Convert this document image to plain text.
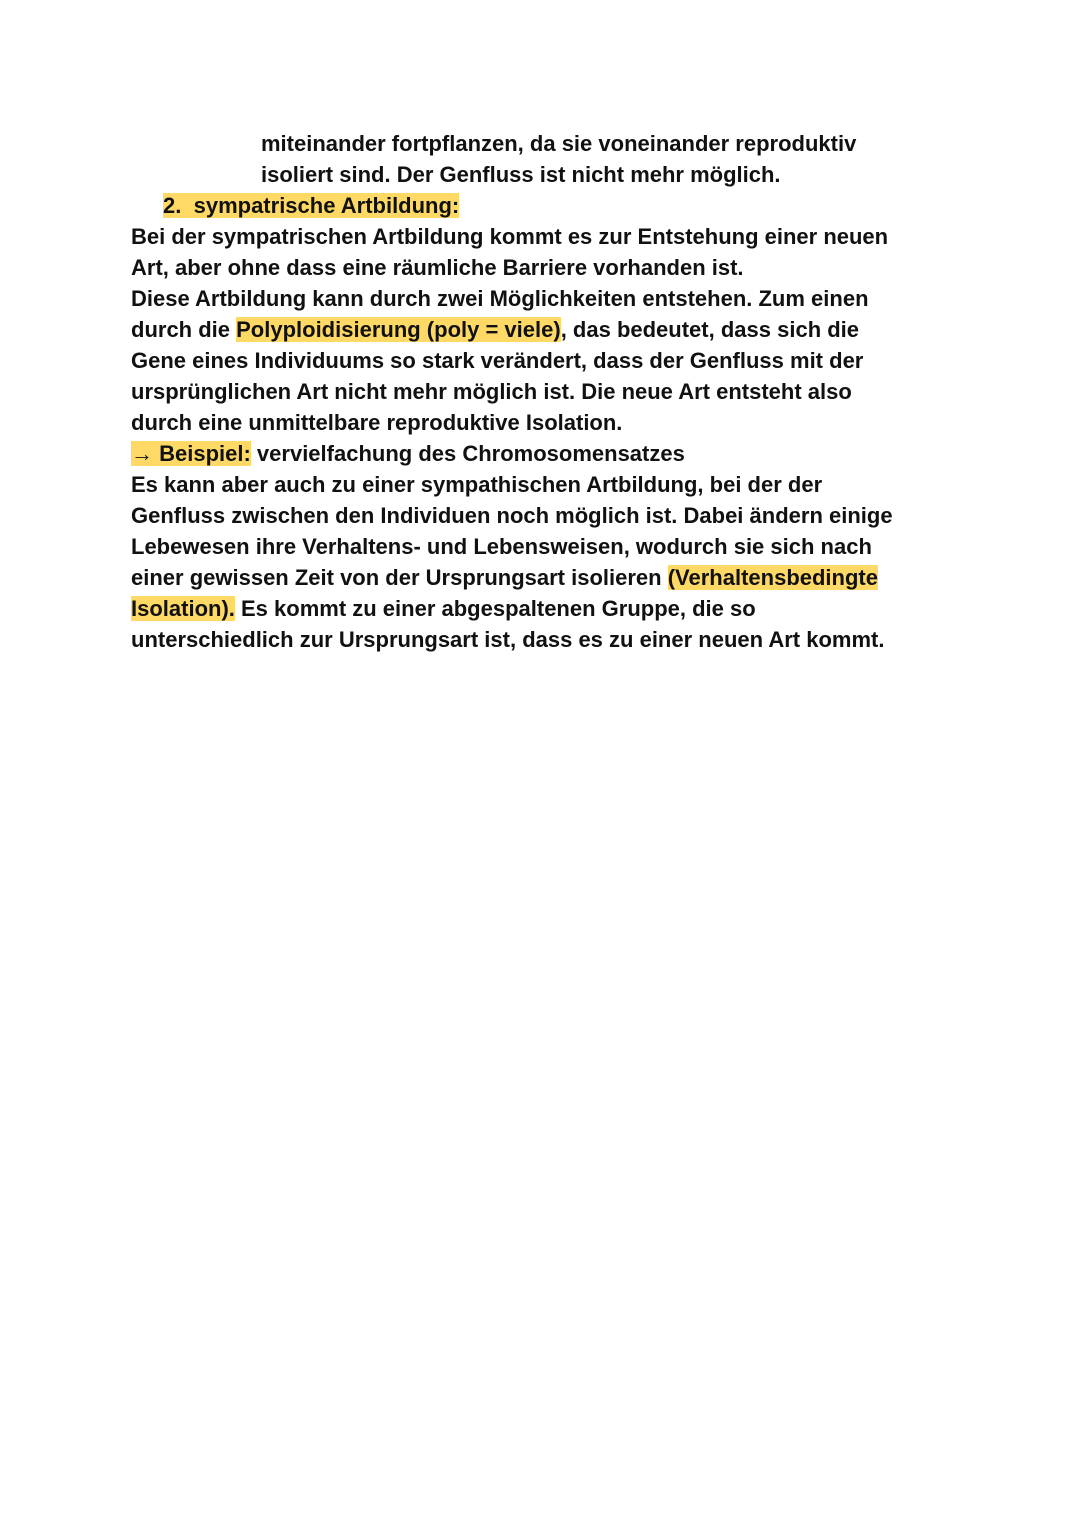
miteinander fortpflanzen, da sie voneinander reproduktiv
isoliert sind. Der Genfluss ist nicht mehr möglich.
2. sympatrische Artbildung:
Bei der sympatrischen Artbildung kommt es zur Entstehung einer neuen
Art, aber ohne dass eine räumliche Barriere vorhanden ist.
Diese Artbildung kann durch zwei Möglichkeiten entstehen. Zum einen
durch die Polyploidisierung (poly = viele), das bedeutet, dass sich die
Gene eines Individuums so stark verändert, dass der Genfluss mit der
ursprünglichen Art nicht mehr möglich ist. Die neue Art entsteht also
durch eine unmittelbare reproduktive Isolation.
→ Beispiel: vervielfachung des Chromosomensatzes
Es kann aber auch zu einer sympathischen Artbildung, bei der der
Genfluss zwischen den Individuen noch möglich ist. Dabei ändern einige
Lebewesen ihre Verhaltens- und Lebensweisen, wodurch sie sich nach
einer gewissen Zeit von der Ursprungsart isolieren (Verhaltensbedingte
Isolation). Es kommt zu einer abgespaltenen Gruppe, die so
unterschiedlich zur Ursprungsart ist, dass es zu einer neuen Art kommt.
